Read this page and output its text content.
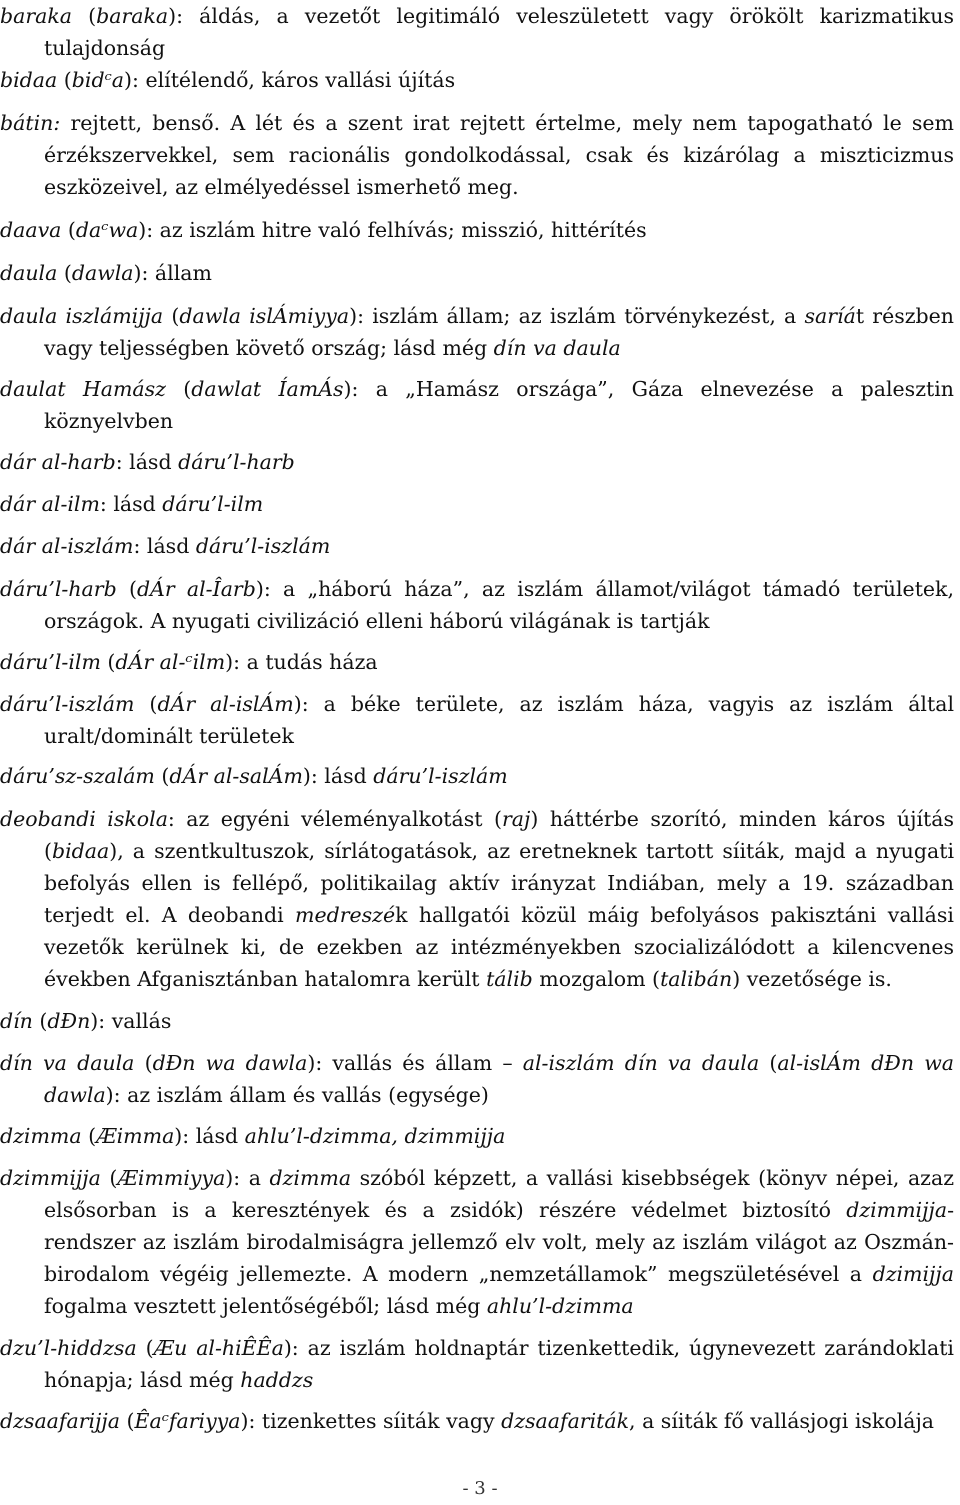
baraka (baraka): áldás, a vezetőt legitimáló veleszületett vagy örökölt karizmatikus tulajdonság
bidaa (bidᶜa): elítélendő, káros vallási újítás
bátin: rejtett, benső. A lét és a szent irat rejtett értelme, mely nem tapogatható le sem érzékszervekkel, sem racionális gondolkodással, csak és kizárólag a miszticizmus eszközeivel, az elmélyedéssel ismerhető meg.
daava (daᶜwa): az iszlám hitre való felhívás; misszió, hittérítés
daula (dawla): állam
daula iszlámijja (dawla islÁmiyya): iszlám állam; az iszlám törvénykezést, a saríát részben vagy teljességben követő ország; lásd még dín va daula
daulat Hamász (dawlat ÍamÁs): a „Hamász országa”, Gáza elnevezése a palesztin köznyelvben
dár al-harb: lásd dáru’l-harb
dár al-ilm: lásd dáru’l-ilm
dár al-iszlám: lásd dáru’l-iszlám
dáru’l-harb (dÁr al-Îarb): a „háború háza”, az iszlám államot/világot támadó területek, országok. A nyugati civilizáció elleni háború világának is tartják
dáru’l-ilm (dÁr al-ᶜilm): a tudás háza
dáru’l-iszlám (dÁr al-islÁm): a béke területe, az iszlám háza, vagyis az iszlám által uralt/dominált területek
dáru’sz-szalám (dÁr al-salÁm): lásd dáru’l-iszlám
deobandi iskola: az egyéni véleményalkotást (raj) háttérbe szorító, minden káros újítás (bidaa), a szentkultuszok, sírlátogatások, az eretneknek tartott síiták, majd a nyugati befolyás ellen is fellépő, politikailag aktív irányzat Indiában, mely a 19. században terjedt el. A deobandi medreszék hallgatói közül máig befolyásos pakisztáni vallási vezetők kerülnek ki, de ezekben az intézményekben szocializálódott a kilencvenes években Afganisztánban hatalomra került tálib mozgalom (talibán) vezetősége is.
dín (dĐn): vallás
dín va daula (dĐn wa dawla): vallás és állam – al-iszlám dín va daula (al-islÁm dĐn wa dawla): az iszlám állam és vallás (egysége)
dzimma (Æimma): lásd ahlu’l-dzimma, dzimmijja
dzimmijja (Æimmiyya): a dzimma szóból képzett, a vallási kisebbségek (könyv népei, azaz elsősorban is a keresztények és a zsidók) részére védelmet biztosító dzimmijja-rendszer az iszlám birodalmiságra jellemző elv volt, mely az iszlám világot az Oszmán-birodalom végéig jellemezte. A modern „nemzetállamok” megszületésével a dzimijja fogalma vesztett jelentőségéből; lásd még ahlu’l-dzimma
dzu’l-hiddzsa (Æu al-hiÊÊa): az iszlám holdnaptár tizenkettedik, úgynevezett zarándoklati hónapja; lásd még haddzs
dzsaafarijja (Êaᶜfariyya): tizenkettes síiták vagy dzsaafariták, a síiták fő vallásjogi iskolája
- 3 -
